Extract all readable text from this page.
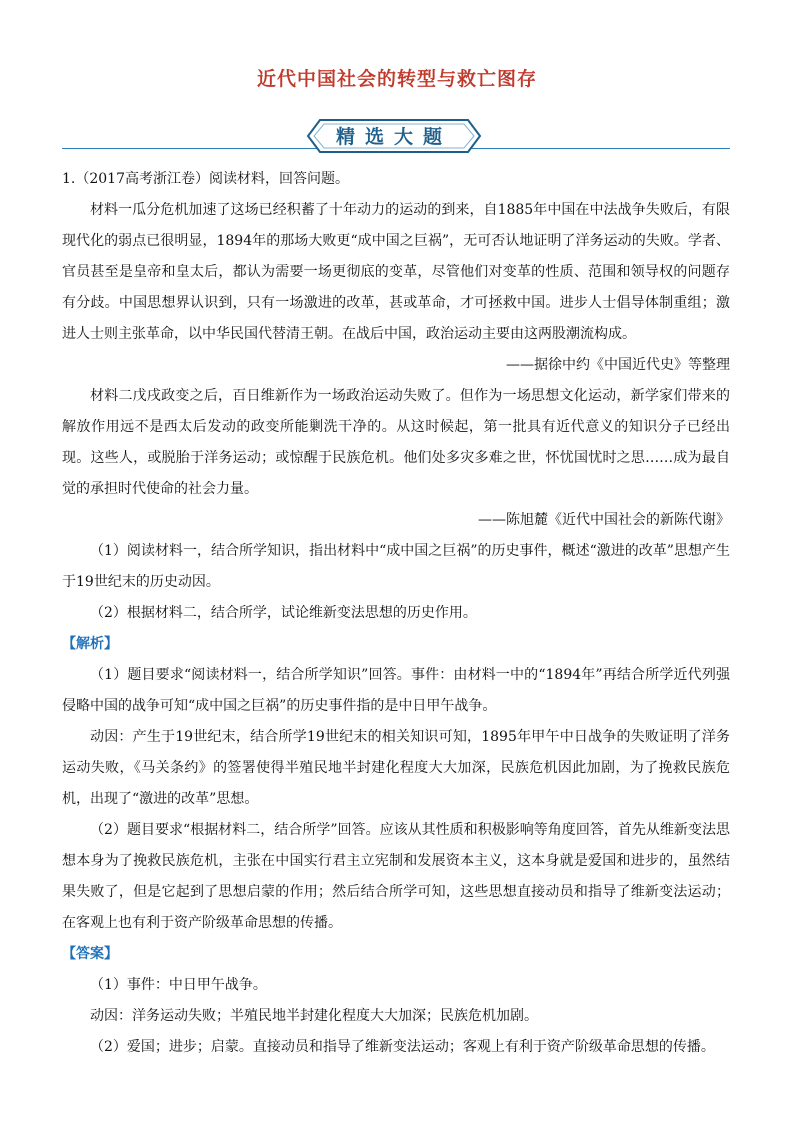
近代中国社会的转型与救亡图存
精选大题

1.（2017高考浙江卷）阅读材料，回答问题。

材料一瓜分危机加速了这场已经积蓄了十年动力的运动的到来，自1885年中国在中法战争失败后，有限现代化的弱点已很明显，1894年的那场大败更“成中国之巨祸”，无可否认地证明了洋务运动的失败。学者、官员甚至是皇帝和皇太后，都认为需要一场更彻底的变革，尽管他们对变革的性质、范围和领导权的问题存有分歧。中国思想界认识到，只有一场激进的改革，甚或革命，才可拯救中国。进步人士倡导体制重组；激进人士则主张革命，以中华民国代替清王朝。在战后中国，政治运动主要由这两股潮流构成。

——据徐中约《中国近代史》等整理

材料二戊戌政变之后，百日维新作为一场政治运动失败了。但作为一场思想文化运动，新学家们带来的解放作用远不是西太后发动的政变所能剿洗干净的。从这时候起，第一批具有近代意义的知识分子已经出现。这些人，或脱胎于洋务运动；或惊醒于民族危机。他们处多灾多难之世，怀忧国忧时之思……成为最自觉的承担时代使命的社会力量。

——陈旭麓《近代中国社会的新陈代谢》

（1）阅读材料一，结合所学知识，指出材料中“成中国之巨祸”的历史事件，概述“激进的改革”思想产生于19世纪末的历史动因。

（2）根据材料二，结合所学，试论维新变法思想的历史作用。

【解析】

（1）题目要求“阅读材料一，结合所学知识”回答。事件：由材料一中的“1894年”再结合所学近代列强侵略中国的战争可知“成中国之巨祸”的历史事件指的是中日甲午战争。

动因：产生于19世纪末，结合所学19世纪末的相关知识可知，1895年甲午中日战争的失败证明了洋务运动失败，《马关条约》的签署使得半殖民地半封建化程度大大加深，民族危机因此加剧，为了挽救民族危机，出现了“激进的改革”思想。

（2）题目要求“根据材料二，结合所学”回答。应该从其性质和积极影响等角度回答，首先从维新变法思想本身为了挽救民族危机，主张在中国实行君主立宪制和发展资本主义，这本身就是爱国和进步的，虽然结果失败了，但是它起到了思想启蒙的作用；然后结合所学可知，这些思想直接动员和指导了维新变法运动；在客观上也有利于资产阶级革命思想的传播。

【答案】

（1）事件：中日甲午战争。

动因：洋务运动失败；半殖民地半封建化程度大大加深；民族危机加剧。

（2）爱国；进步；启蒙。直接动员和指导了维新变法运动；客观上有利于资产阶级革命思想的传播。
